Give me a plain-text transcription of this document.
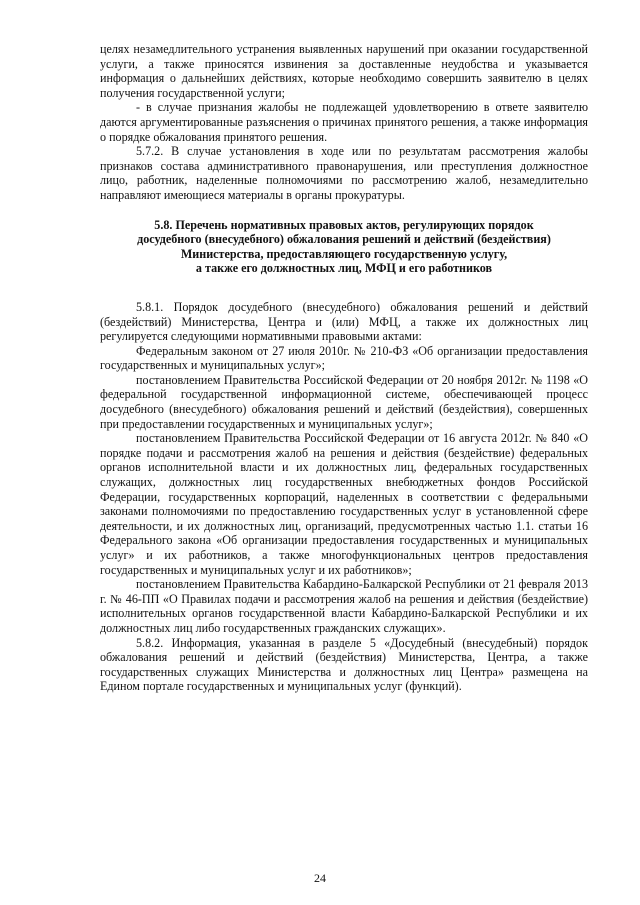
целях незамедлительного устранения выявленных нарушений при оказании государственной услуги, а также приносятся извинения за доставленные неудобства и указывается информация о дальнейших действиях, которые необходимо совершить заявителю в целях получения государственной услуги;

- в случае признания жалобы не подлежащей удовлетворению в ответе заявителю даются аргументированные разъяснения о причинах принятого решения, а также информация о порядке обжалования принятого решения.

5.7.2. В случае установления в ходе или по результатам рассмотрения жалобы признаков состава административного правонарушения, или преступления должностное лицо, работник, наделенные полномочиями по рассмотрению жалоб, незамедлительно направляют имеющиеся материалы в органы прокуратуры.

5.8. Перечень нормативных правовых актов, регулирующих порядок
досудебного (внесудебного) обжалования решений и действий (бездействия)
Министерства, предоставляющего государственную услугу,
а также его должностных лиц, МФЦ и его работников

5.8.1. Порядок досудебного (внесудебного) обжалования решений и действий (бездействий) Министерства, Центра и (или) МФЦ, а также их должностных лиц регулируется следующими нормативными правовыми актами:

Федеральным законом от 27 июля 2010г. № 210-ФЗ «Об организации предоставления государственных и муниципальных услуг»;

постановлением Правительства Российской Федерации от 20 ноября 2012г. № 1198 «О федеральной государственной информационной системе, обеспечивающей процесс досудебного (внесудебного) обжалования решений и действий (бездействия), совершенных при предоставлении государственных и муниципальных услуг»;

постановлением Правительства Российской Федерации от 16 августа 2012г. № 840 «О порядке подачи и рассмотрения жалоб на решения и действия (бездействие) федеральных органов исполнительной власти и их должностных лиц, федеральных государственных служащих, должностных лиц государственных внебюджетных фондов Российской Федерации, государственных корпораций, наделенных в соответствии с федеральными законами полномочиями по предоставлению государственных услуг в установленной сфере деятельности, и их должностных лиц, организаций, предусмотренных частью 1.1. статьи 16 Федерального закона «Об организации предоставления государственных и муниципальных услуг» и их работников, а также многофункциональных центров предоставления государственных и муниципальных услуг и их работников»;

постановлением Правительства Кабардино-Балкарской Республики от 21 февраля 2013 г. № 46-ПП «О Правилах подачи и рассмотрения жалоб на решения и действия (бездействие) исполнительных органов государственной власти Кабардино-Балкарской Республики и их должностных лиц либо государственных гражданских служащих».

5.8.2. Информация, указанная в разделе 5 «Досудебный (внесудебный) порядок обжалования решений и действий (бездействия) Министерства, Центра, а также государственных служащих Министерства и должностных лиц Центра» размещена на Едином портале государственных и муниципальных услуг (функций).

24
